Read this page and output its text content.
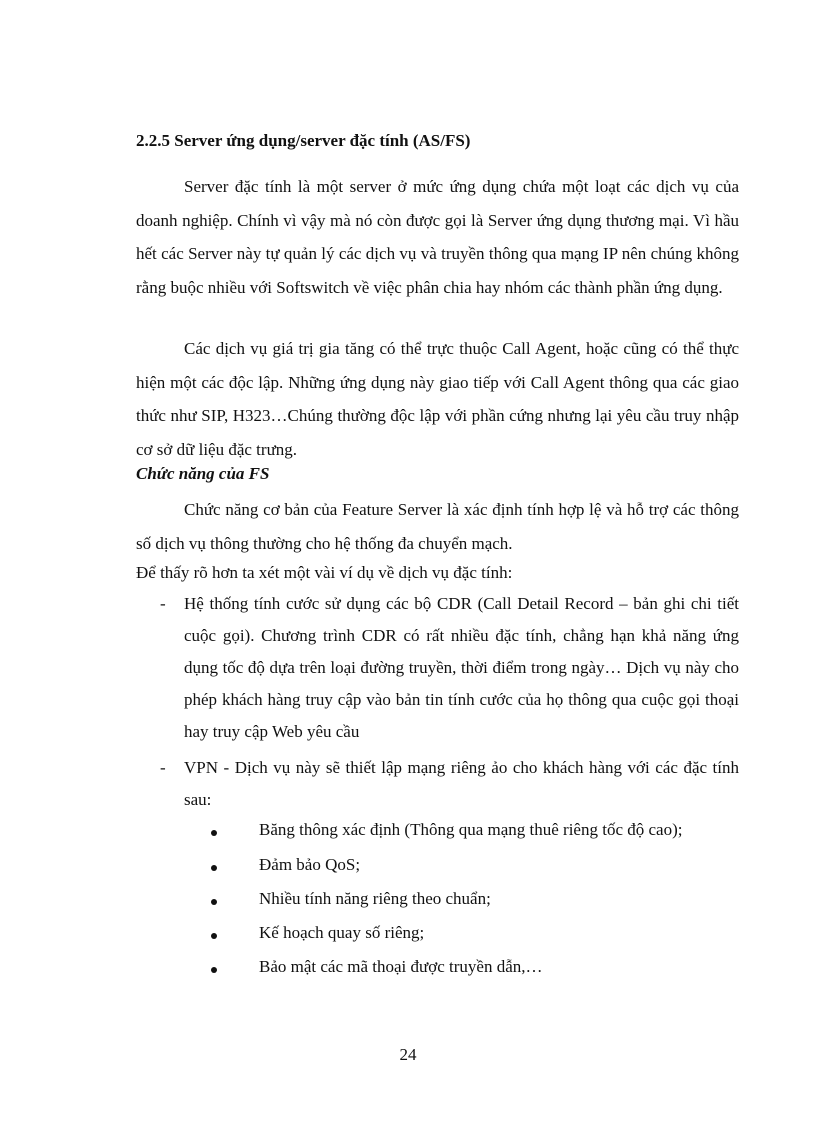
2.2.5 Server ứng dụng/server đặc tính (AS/FS)

Server đặc tính là một server ở mức ứng dụng chứa một loạt các dịch vụ của doanh nghiệp. Chính vì vậy mà nó còn được gọi là Server ứng dụng thương mại. Vì hầu hết các Server này tự quản lý các dịch vụ và truyền thông qua mạng IP nên chúng không rằng buộc nhiều với Softswitch về việc phân chia hay nhóm các thành phần ứng dụng.

Các dịch vụ giá trị gia tăng có thể trực thuộc Call Agent, hoặc cũng có thể thực hiện một các độc lập. Những ứng dụng này giao tiếp với Call Agent thông qua các giao thức như SIP, H323…Chúng thường độc lập với phần cứng nhưng lại yêu cầu truy nhập cơ sở dữ liệu đặc trưng.

Chức năng của FS

Chức năng cơ bản của Feature Server là xác định tính hợp lệ và hỗ trợ các thông số dịch vụ thông thường cho hệ thống đa chuyển mạch.

Để thấy rõ hơn ta xét một vài ví dụ về dịch vụ đặc tính:
- Hệ thống tính cước sử dụng các bộ CDR (Call Detail Record – bản ghi chi tiết cuộc gọi). Chương trình CDR có rất nhiều đặc tính, chẳng hạn khả năng ứng dụng tốc độ dựa trên loại đường truyền, thời điểm trong ngày… Dịch vụ này cho phép khách hàng truy cập vào bản tin tính cước của họ thông qua cuộc gọi thoại hay truy cập Web yêu cầu
- VPN - Dịch vụ này sẽ thiết lập mạng riêng ảo cho khách hàng với các đặc tính sau:
Băng thông xác định (Thông qua mạng thuê riêng tốc độ cao);
Đảm bảo QoS;
Nhiều tính năng riêng theo chuẩn;
Kế hoạch quay số riêng;
Bảo mật các mã thoại được truyền dẫn,…
24
